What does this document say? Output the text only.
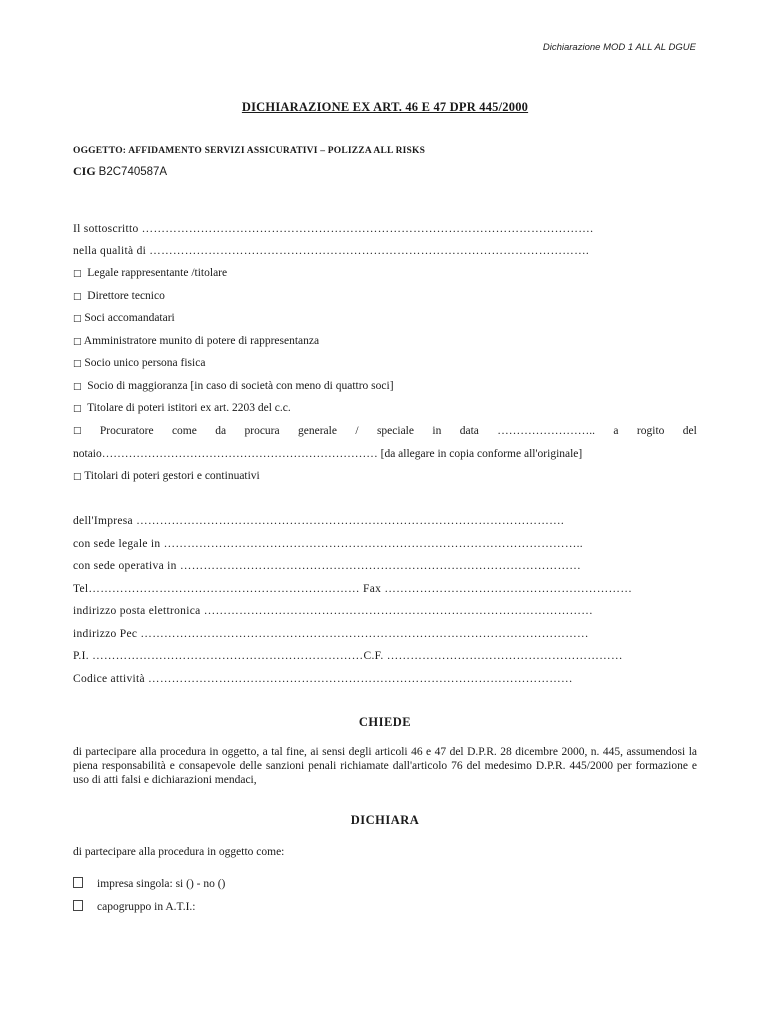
Dichiarazione MOD 1 ALL AL DGUE
DICHIARAZIONE EX ART. 46 E 47 DPR 445/2000
OGGETTO: AFFIDAMENTO SERVIZI ASSICURATIVI – POLIZZA ALL RISKS
CIG B2C740587A
Il sottoscritto …………………………………………………………………………………………………….
nella qualità di ………………………………………………………………………………………………….
□ Legale rappresentante /titolare
□ Direttore tecnico
□ Soci accomandatari
□ Amministratore munito di potere di rappresentanza
□ Socio unico persona fisica
□ Socio di maggioranza [in caso di società con meno di quattro soci]
□ Titolare di poteri istitori ex art. 2203 del c.c.
□ Procuratore come da procura generale / speciale in data …………………….. a rogito del
notaio……………………………………………………………… [da allegare in copia conforme all'originale]
□ Titolari di poteri gestori e continuativi
dell'Impresa ……………………………………………………………………………………………….
con sede legale in ……………………………………………………………………………………………..
con sede operativa in …………………………………………………………………………………………
Tel…………………………………………………………… Fax ………………………………………………………
indirizzo posta elettronica ………………………………………………………………………………………
indirizzo Pec ……………………………………………………………………………………………………
P.I. ……………………………………………………………C.F. ……………………………………………………
Codice attività ………………………………………………………………………………………………
CHIEDE
di partecipare alla procedura in oggetto, a tal fine, ai sensi degli articoli 46 e 47 del D.P.R. 28 dicembre 2000, n. 445, assumendosi la piena responsabilità e consapevole delle sanzioni penali richiamate dall'articolo 76 del medesimo D.P.R. 445/2000 per formazione e uso di atti falsi e dichiarazioni mendaci,
DICHIARA
di partecipare alla procedura in oggetto come:
impresa singola: si () - no ()
capogruppo in A.T.I.:
